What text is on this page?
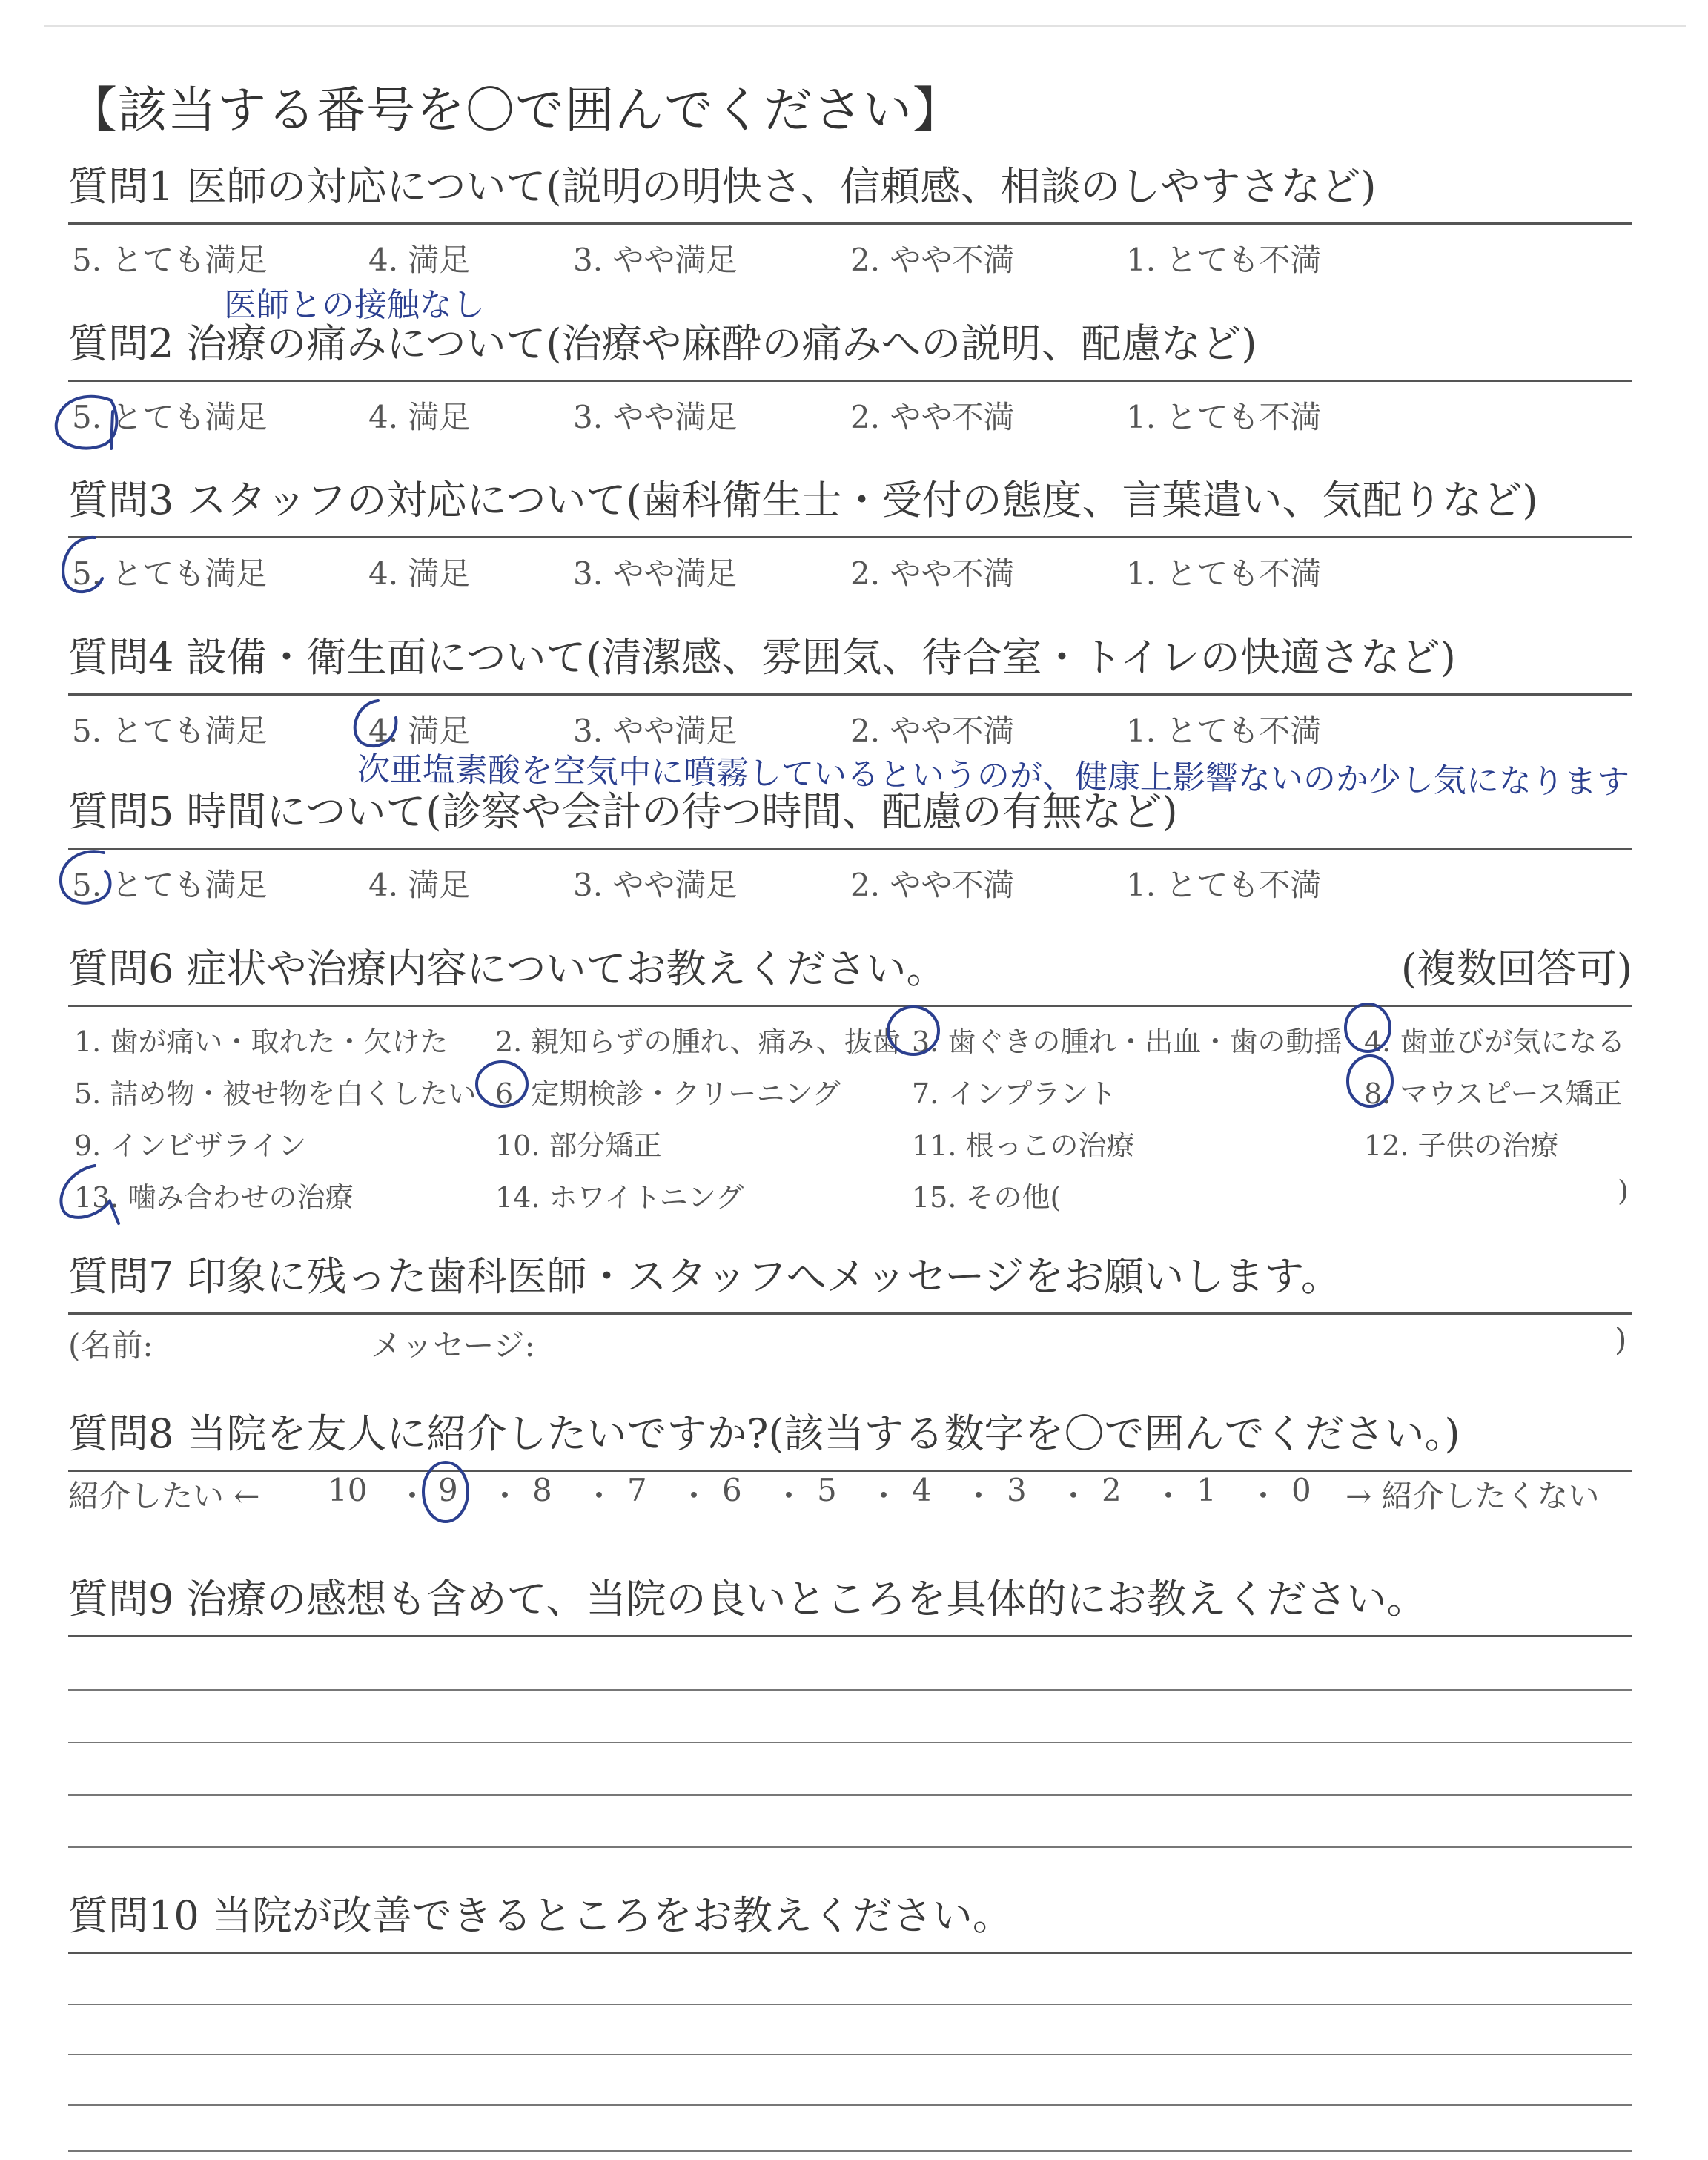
【該当する番号を〇で囲んでください】
質問1 医師の対応について(説明の明快さ、信頼感、相談のしやすさなど)
5. とても満足	4. 満足	3. やや満足	2. やや不満	1. とても不満
医師との接触なし
質問2 治療の痛みについて(治療や麻酔の痛みへの説明、配慮など)
5. とても満足	4. 満足	3. やや満足	2. やや不満	1. とても不満
質問3 スタッフの対応について(歯科衛生士・受付の態度、言葉遣い、気配りなど)
5. とても満足	4. 満足	3. やや満足	2. やや不満	1. とても不満
質問4 設備・衛生面について(清潔感、雰囲気、待合室・トイレの快適さなど)
5. とても満足	4. 満足	3. やや満足	2. やや不満	1. とても不満
次亜塩素酸を空気中に噴霧しているというのが、健康上影響ないのか少し気になります
質問5 時間について(診察や会計の待つ時間、配慮の有無など)
5. とても満足	4. 満足	3. やや満足	2. やや不満	1. とても不満
質問6 症状や治療内容についてお教えください。	(複数回答可)
1. 歯が痛い・取れた・欠けた 2. 親知らずの腫れ、痛み、抜歯 3. 歯ぐきの腫れ・出血・歯の動揺 4. 歯並びが気になる
5. 詰め物・被せ物を白くしたい 6. 定期検診・クリーニング	7. インプラント	8. マウスピース矯正
9. インビザライン	10. 部分矯正	11. 根っこの治療	12. 子供の治療
13. 噛み合わせの治療	14. ホワイトニング	15. その他(	)
質問7 印象に残った歯科医師・スタッフへメッセージをお願いします。
(名前:	メッセージ:	)
質問8 当院を友人に紹介したいですか?(該当する数字を〇で囲んでください。)
紹介したい ← 10 ・ 9 ・ 8 ・ 7 ・ 6 ・ 5 ・ 4 ・ 3 ・ 2 ・ 1 ・ 0 → 紹介したくない
質問9 治療の感想も含めて、当院の良いところを具体的にお教えください。
質問10 当院が改善できるところをお教えください。
